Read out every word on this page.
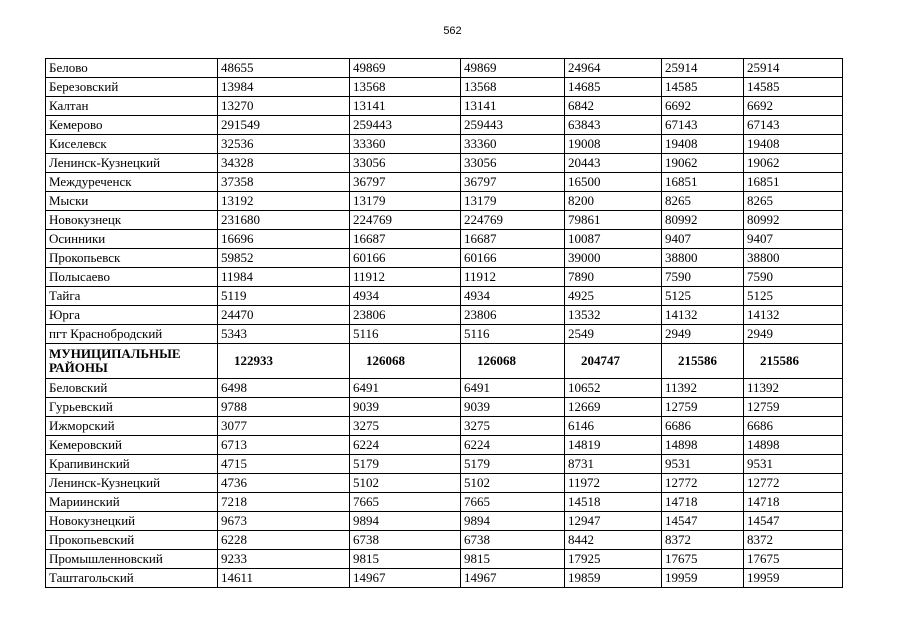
562
Белово	48655	49869	49869	24964	25914	25914
Березовский	13984	13568	13568	14685	14585	14585
Калтан	13270	13141	13141	6842	6692	6692
Кемерово	291549	259443	259443	63843	67143	67143
Киселевск	32536	33360	33360	19008	19408	19408
Ленинск-Кузнецкий	34328	33056	33056	20443	19062	19062
Междуреченск	37358	36797	36797	16500	16851	16851
Мыски	13192	13179	13179	8200	8265	8265
Новокузнецк	231680	224769	224769	79861	80992	80992
Осинники	16696	16687	16687	10087	9407	9407
Прокопьевск	59852	60166	60166	39000	38800	38800
Полысаево	11984	11912	11912	7890	7590	7590
Тайга	5119	4934	4934	4925	5125	5125
Юрга	24470	23806	23806	13532	14132	14132
пгт Краснобродский	5343	5116	5116	2549	2949	2949
МУНИЦИПАЛЬНЫЕ РАЙОНЫ	122933	126068	126068	204747	215586	215586
Беловский	6498	6491	6491	10652	11392	11392
Гурьевский	9788	9039	9039	12669	12759	12759
Ижморский	3077	3275	3275	6146	6686	6686
Кемеровский	6713	6224	6224	14819	14898	14898
Крапивинский	4715	5179	5179	8731	9531	9531
Ленинск-Кузнецкий	4736	5102	5102	11972	12772	12772
Мариинский	7218	7665	7665	14518	14718	14718
Новокузнецкий	9673	9894	9894	12947	14547	14547
Прокопьевский	6228	6738	6738	8442	8372	8372
Промышленновский	9233	9815	9815	17925	17675	17675
Таштагольский	14611	14967	14967	19859	19959	19959
